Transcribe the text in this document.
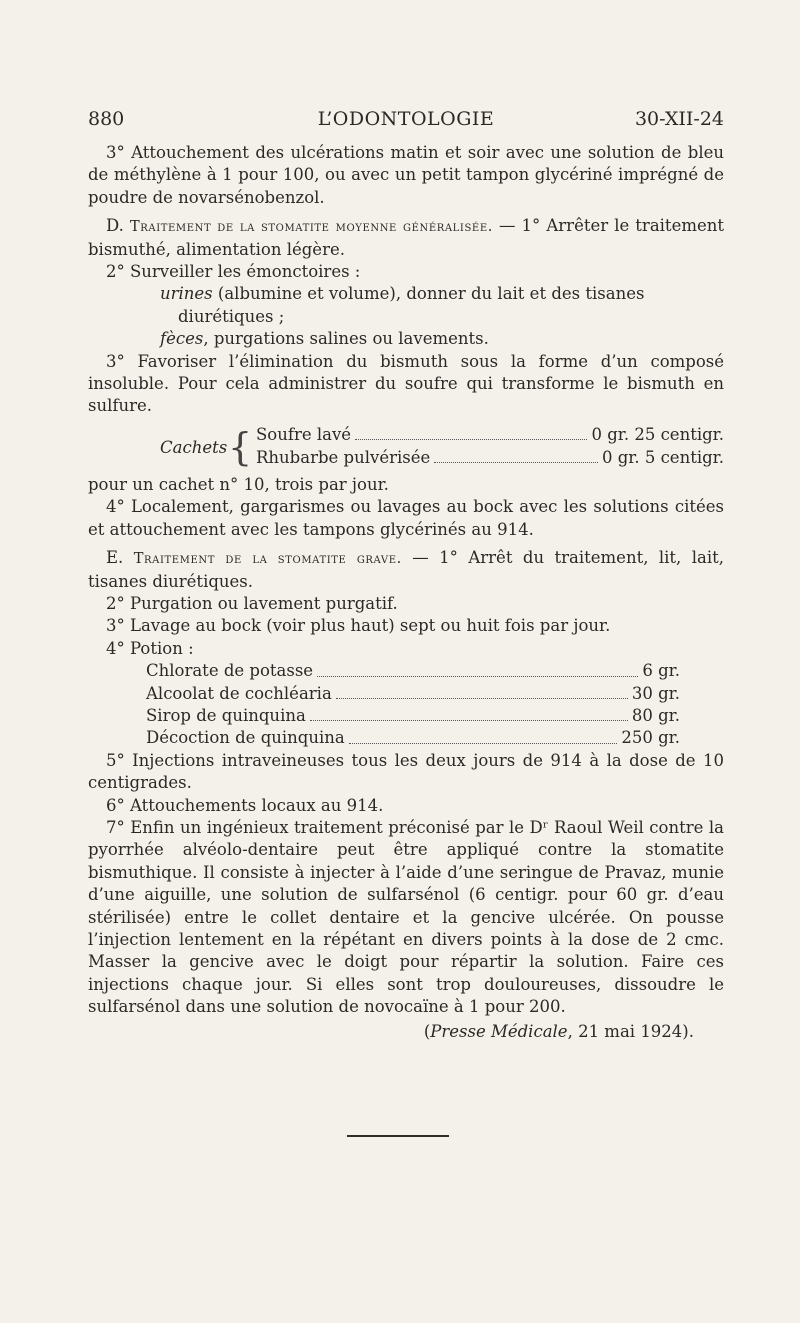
880	L’ODONTOLOGIE	30-XII-24

3° Attouchement des ulcérations matin et soir avec une solution de bleu de méthylène à 1 pour 100, ou avec un petit tampon glycériné imprégné de poudre de novarsénobenzol.

D. Traitement de la stomatite moyenne généralisée. — 1° Arrêter le traitement bismuthé, alimentation légère.

2° Surveiller les émonctoires :

urines (albumine et volume), donner du lait et des tisanes

diurétiques ;

fèces, purgations salines ou lavements.

3° Favoriser l’élimination du bismuth sous la forme d’un composé insoluble. Pour cela administrer du soufre qui transforme le bismuth en sulfure.

Cachets { Soufre lavé	0 gr. 25 centigr.
Rhubarbe pulvérisée	0 gr. 5 centigr.

pour un cachet n° 10, trois par jour.

4° Localement, gargarismes ou lavages au bock avec les solutions citées et attouchement avec les tampons glycérinés au 914.

E. Traitement de la stomatite grave. — 1° Arrêt du traitement, lit, lait, tisanes diurétiques.

2° Purgation ou lavement purgatif.

3° Lavage au bock (voir plus haut) sept ou huit fois par jour.

4° Potion :

Chlorate de potasse	6 gr.
Alcoolat de cochléaria	30 gr.
Sirop de quinquina	80 gr.
Décoction de quinquina	250 gr.

5° Injections intraveineuses tous les deux jours de 914 à la dose de 10 centigrades.

6° Attouchements locaux au 914.

7° Enfin un ingénieux traitement préconisé par le Dʳ Raoul Weil contre la pyorrhée alvéolo-dentaire peut être appliqué contre la stomatite bismuthique. Il consiste à injecter à l’aide d’une seringue de Pravaz, munie d’une aiguille, une solution de sulfarsénol (6 centigr. pour 60 gr. d’eau stérilisée) entre le collet dentaire et la gencive ulcérée. On pousse l’injection lentement en la répétant en divers points à la dose de 2 cmc. Masser la gencive avec le doigt pour répartir la solution. Faire ces injections chaque jour. Si elles sont trop douloureuses, dissoudre le sulfarsénol dans une solution de novocaïne à 1 pour 200.

(Presse Médicale, 21 mai 1924).
